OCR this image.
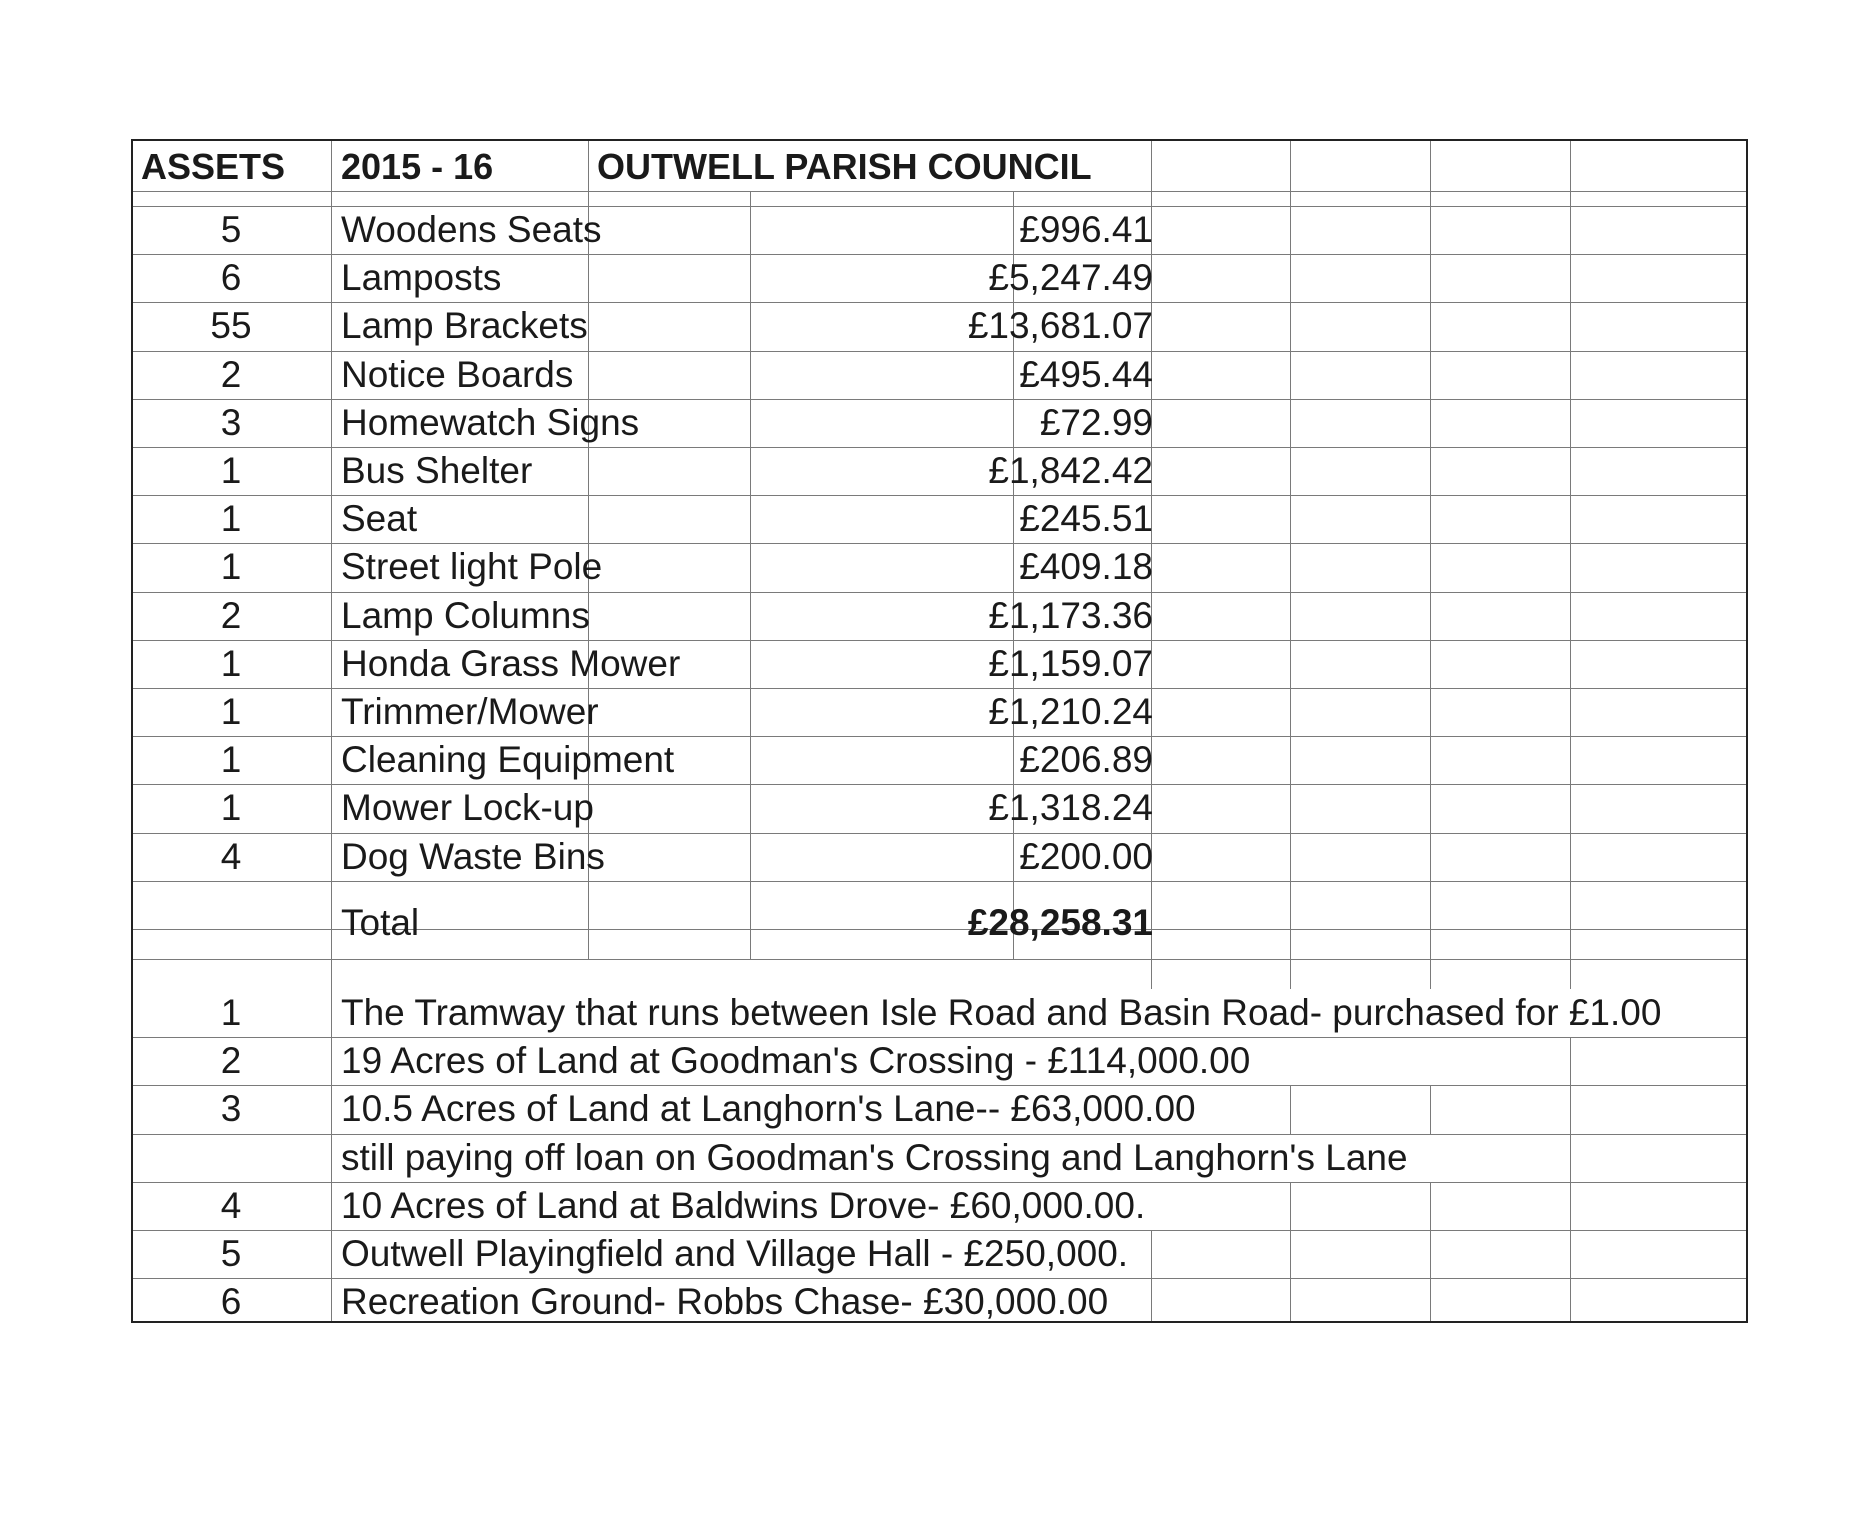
ASSETS 2015 - 16	OUTWELL PARISH COUNCIL
5	Woodens Seats	£996.41
6	Lamposts	£5,247.49
55	Lamp Brackets	£13,681.07
2	Notice Boards	£495.44
3	Homewatch Signs	£72.99
1	Bus Shelter	£1,842.42
1	Seat	£245.51
1	Street light Pole	£409.18
2	Lamp Columns	£1,173.36
1	Honda Grass Mower	£1,159.07
1	Trimmer/Mower	£1,210.24
1	Cleaning Equipment	£206.89
1	Mower Lock-up	£1,318.24
4	Dog Waste Bins	£200.00
Total	£28,258.31
1	The Tramway that runs between Isle Road and Basin Road- purchased for £1.00
2	19 Acres of Land at Goodman's Crossing - £114,000.00
3	10.5 Acres of Land at Langhorn's Lane-- £63,000.00
still paying off loan on Goodman's Crossing and Langhorn's Lane
4	10 Acres of Land at Baldwins Drove- £60,000.00.
5	Outwell Playingfield and Village Hall - £250,000.
6	Recreation Ground- Robbs Chase- £30,000.00
